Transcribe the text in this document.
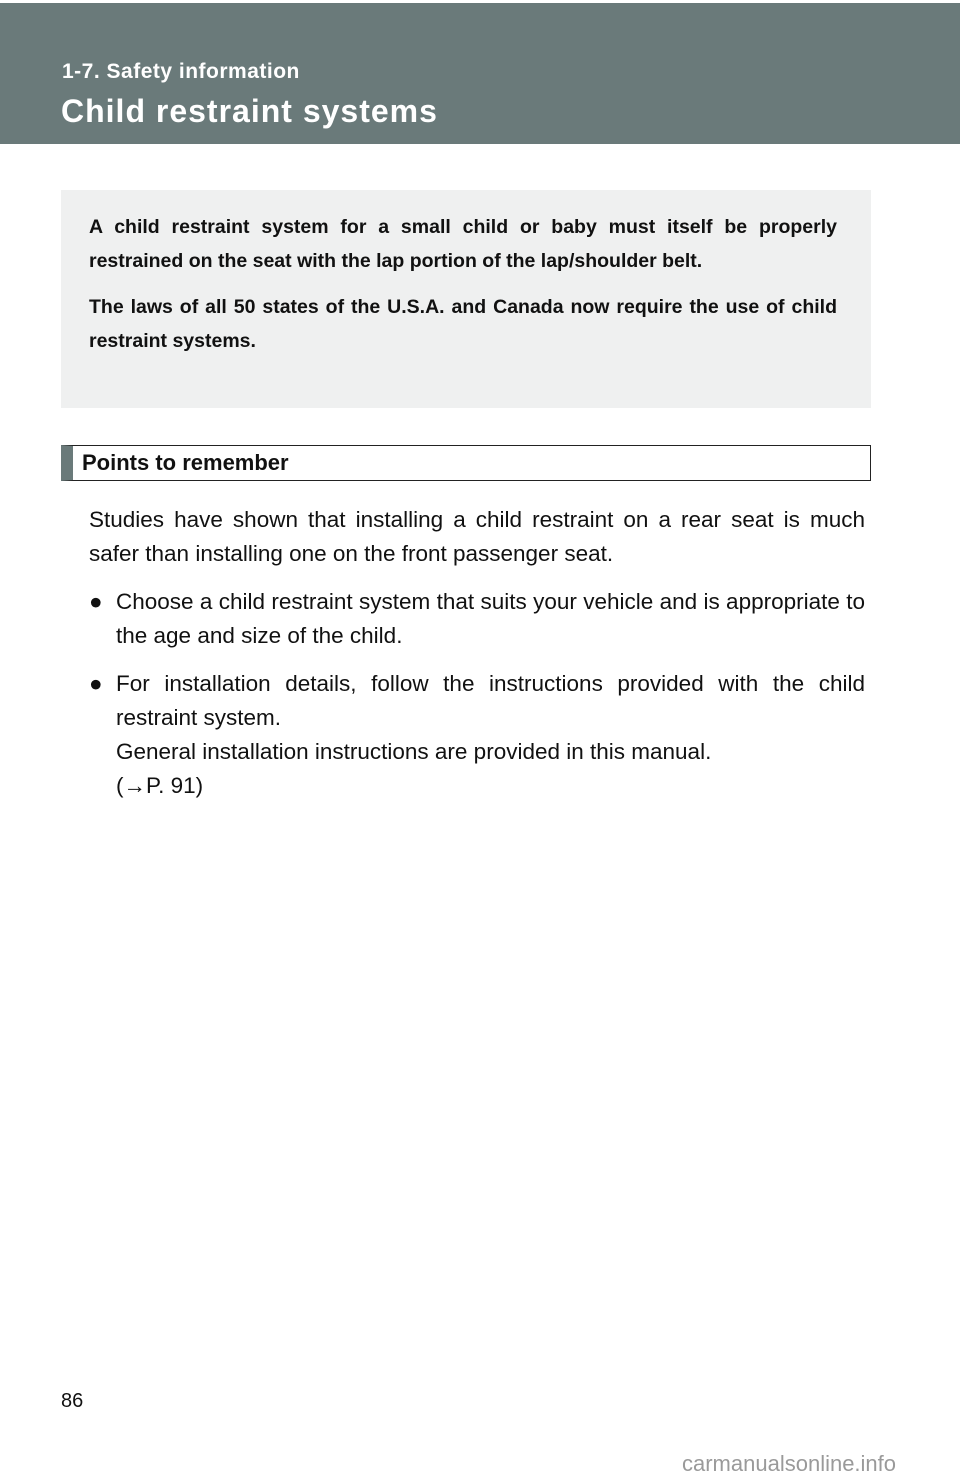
1-7. Safety information
Child restraint systems

A child restraint system for a small child or baby must itself be properly restrained on the seat with the lap portion of the lap/shoulder belt.

The laws of all 50 states of the U.S.A. and Canada now require the use of child restraint systems.

Points to remember

Studies have shown that installing a child restraint on a rear seat is much safer than installing one on the front passenger seat.

● Choose a child restraint system that suits your vehicle and is appropriate to the age and size of the child.
● For installation details, follow the instructions provided with the child restraint system.
General installation instructions are provided in this manual.
(→P. 91)
86
carmanualsonline.info
